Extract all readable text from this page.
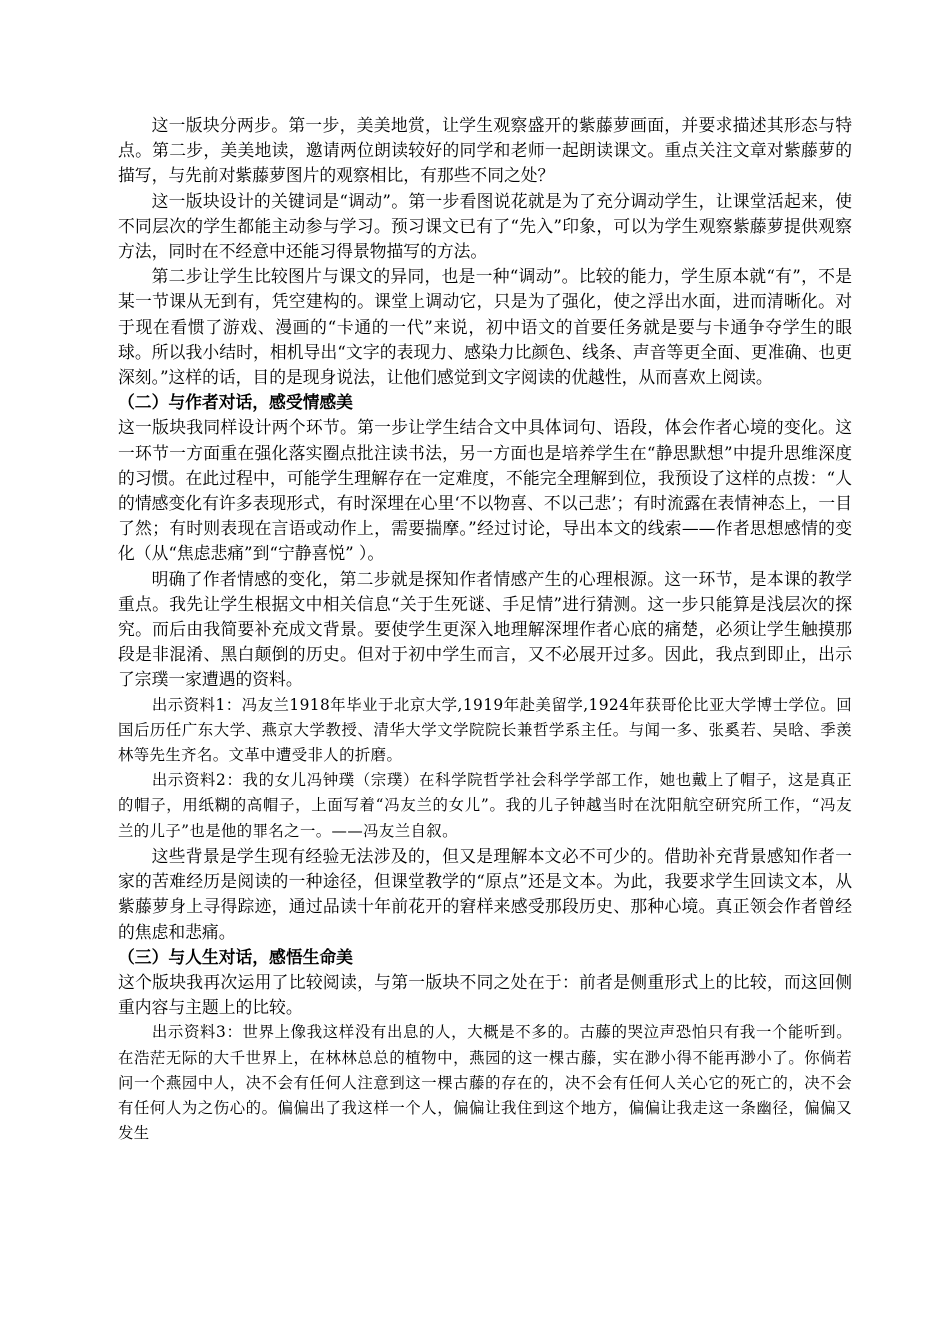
这一版块分两步。第一步，美美地赏，让学生观察盛开的紫藤萝画面，并要求描述其形态与特点。第二步，美美地读，邀请两位朗读较好的同学和老师一起朗读课文。重点关注文章对紫藤萝的描写，与先前对紫藤萝图片的观察相比，有那些不同之处？

这一版块设计的关键词是“调动”。第一步看图说花就是为了充分调动学生，让课堂活起来，使不同层次的学生都能主动参与学习。预习课文已有了“先入”印象，可以为学生观察紫藤萝提供观察方法，同时在不经意中还能习得景物描写的方法。

第二步让学生比较图片与课文的异同，也是一种“调动”。比较的能力，学生原本就“有”，不是某一节课从无到有，凭空建构的。课堂上调动它，只是为了强化，使之浮出水面，进而清晰化。对于现在看惯了游戏、漫画的“卡通的一代”来说，初中语文的首要任务就是要与卡通争夺学生的眼球。所以我小结时，相机导出“文字的表现力、感染力比颜色、线条、声音等更全面、更准确、也更深刻。”这样的话，目的是现身说法，让他们感觉到文字阅读的优越性，从而喜欢上阅读。

（二）与作者对话，感受情感美

这一版块我同样设计两个环节。第一步让学生结合文中具体词句、语段，体会作者心境的变化。这一环节一方面重在强化落实圈点批注读书法，另一方面也是培养学生在“静思默想”中提升思维深度的习惯。在此过程中，可能学生理解存在一定难度，不能完全理解到位，我预设了这样的点拨：“人的情感变化有许多表现形式，有时深埋在心里‘不以物喜、不以己悲’；有时流露在表情神态上，一目了然；有时则表现在言语或动作上，需要揣摩。”经过讨论，导出本文的线索——作者思想感情的变化（从“焦虑悲痛”到“宁静喜悦” ）。

明确了作者情感的变化，第二步就是探知作者情感产生的心理根源。这一环节，是本课的教学重点。我先让学生根据文中相关信息“关于生死谜、手足情”进行猜测。这一步只能算是浅层次的探究。而后由我简要补充成文背景。要使学生更深入地理解深埋作者心底的痛楚，必须让学生触摸那段是非混淆、黑白颠倒的历史。但对于初中学生而言，又不必展开过多。因此，我点到即止，出示了宗璞一家遭遇的资料。

出示资料1：冯友兰1918年毕业于北京大学,1919年赴美留学,1924年获哥伦比亚大学博士学位。回国后历任广东大学、燕京大学教授、清华大学文学院院长兼哲学系主任。与闻一多、张奚若、吴晗、季羡林等先生齐名。文革中遭受非人的折磨。

出示资料2：我的女儿冯钟璞（宗璞）在科学院哲学社会科学学部工作，她也戴上了帽子，这是真正的帽子，用纸糊的高帽子，上面写着“冯友兰的女儿”。我的儿子钟越当时在沈阳航空研究所工作，“冯友兰的儿子”也是他的罪名之一。——冯友兰自叙。

这些背景是学生现有经验无法涉及的，但又是理解本文必不可少的。借助补充背景感知作者一家的苦难经历是阅读的一种途径，但课堂教学的“原点”还是文本。为此，我要求学生回读文本，从紫藤萝身上寻得踪迹，通过品读十年前花开的窘样来感受那段历史、那种心境。真正领会作者曾经的焦虑和悲痛。

（三）与人生对话，感悟生命美

这个版块我再次运用了比较阅读，与第一版块不同之处在于：前者是侧重形式上的比较，而这回侧重内容与主题上的比较。

出示资料3：世界上像我这样没有出息的人，大概是不多的。古藤的哭泣声恐怕只有我一个能听到。在浩茫无际的大千世界上，在林林总总的植物中，燕园的这一棵古藤，实在渺小得不能再渺小了。你倘若问一个燕园中人，决不会有任何人注意到这一棵古藤的存在的，决不会有任何人关心它的死亡的，决不会有任何人为之伤心的。偏偏出了我这样一个人，偏偏让我住到这个地方，偏偏让我走这一条幽径，偏偏又发生
